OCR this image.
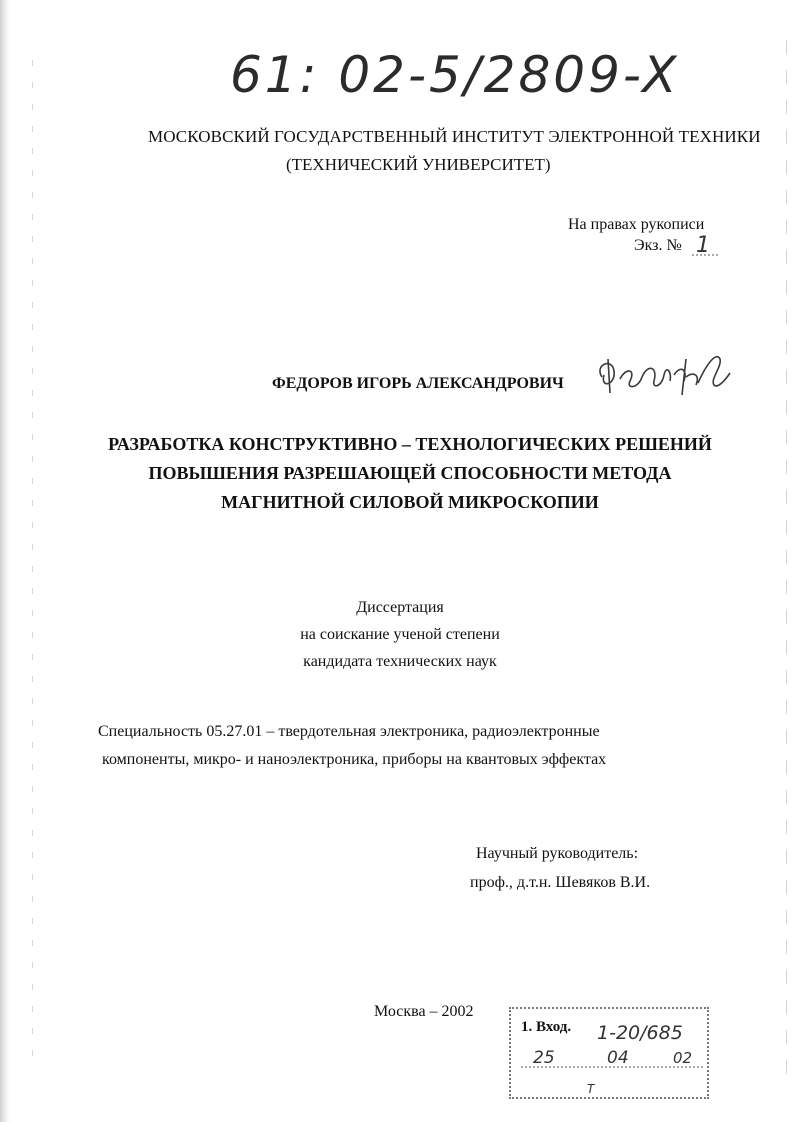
61: 02-5/2809-X
МОСКОВСКИЙ ГОСУДАРСТВЕННЫЙ ИНСТИТУТ ЭЛЕКТРОННОЙ ТЕХНИКИ
(ТЕХНИЧЕСКИЙ УНИВЕРСИТЕТ)
На правах рукописи
Экз. № 1
ФЕДОРОВ ИГОРЬ АЛЕКСАНДРОВИЧ
РАЗРАБОТКА КОНСТРУКТИВНО – ТЕХНОЛОГИЧЕСКИХ РЕШЕНИЙ
ПОВЫШЕНИЯ РАЗРЕШАЮЩЕЙ СПОСОБНОСТИ МЕТОДА
МАГНИТНОЙ СИЛОВОЙ МИКРОСКОПИИ
Диссертация
на соискание ученой степени
кандидата технических наук
Специальность 05.27.01 – твердотельная электроника, радиоэлектронные
компоненты, микро- и наноэлектроника, приборы на квантовых эффектах
Научный руководитель:
проф., д.т.н. Шевяков В.И.
Москва – 2002
1. Вход. 1-20/685
25	04	02
T
